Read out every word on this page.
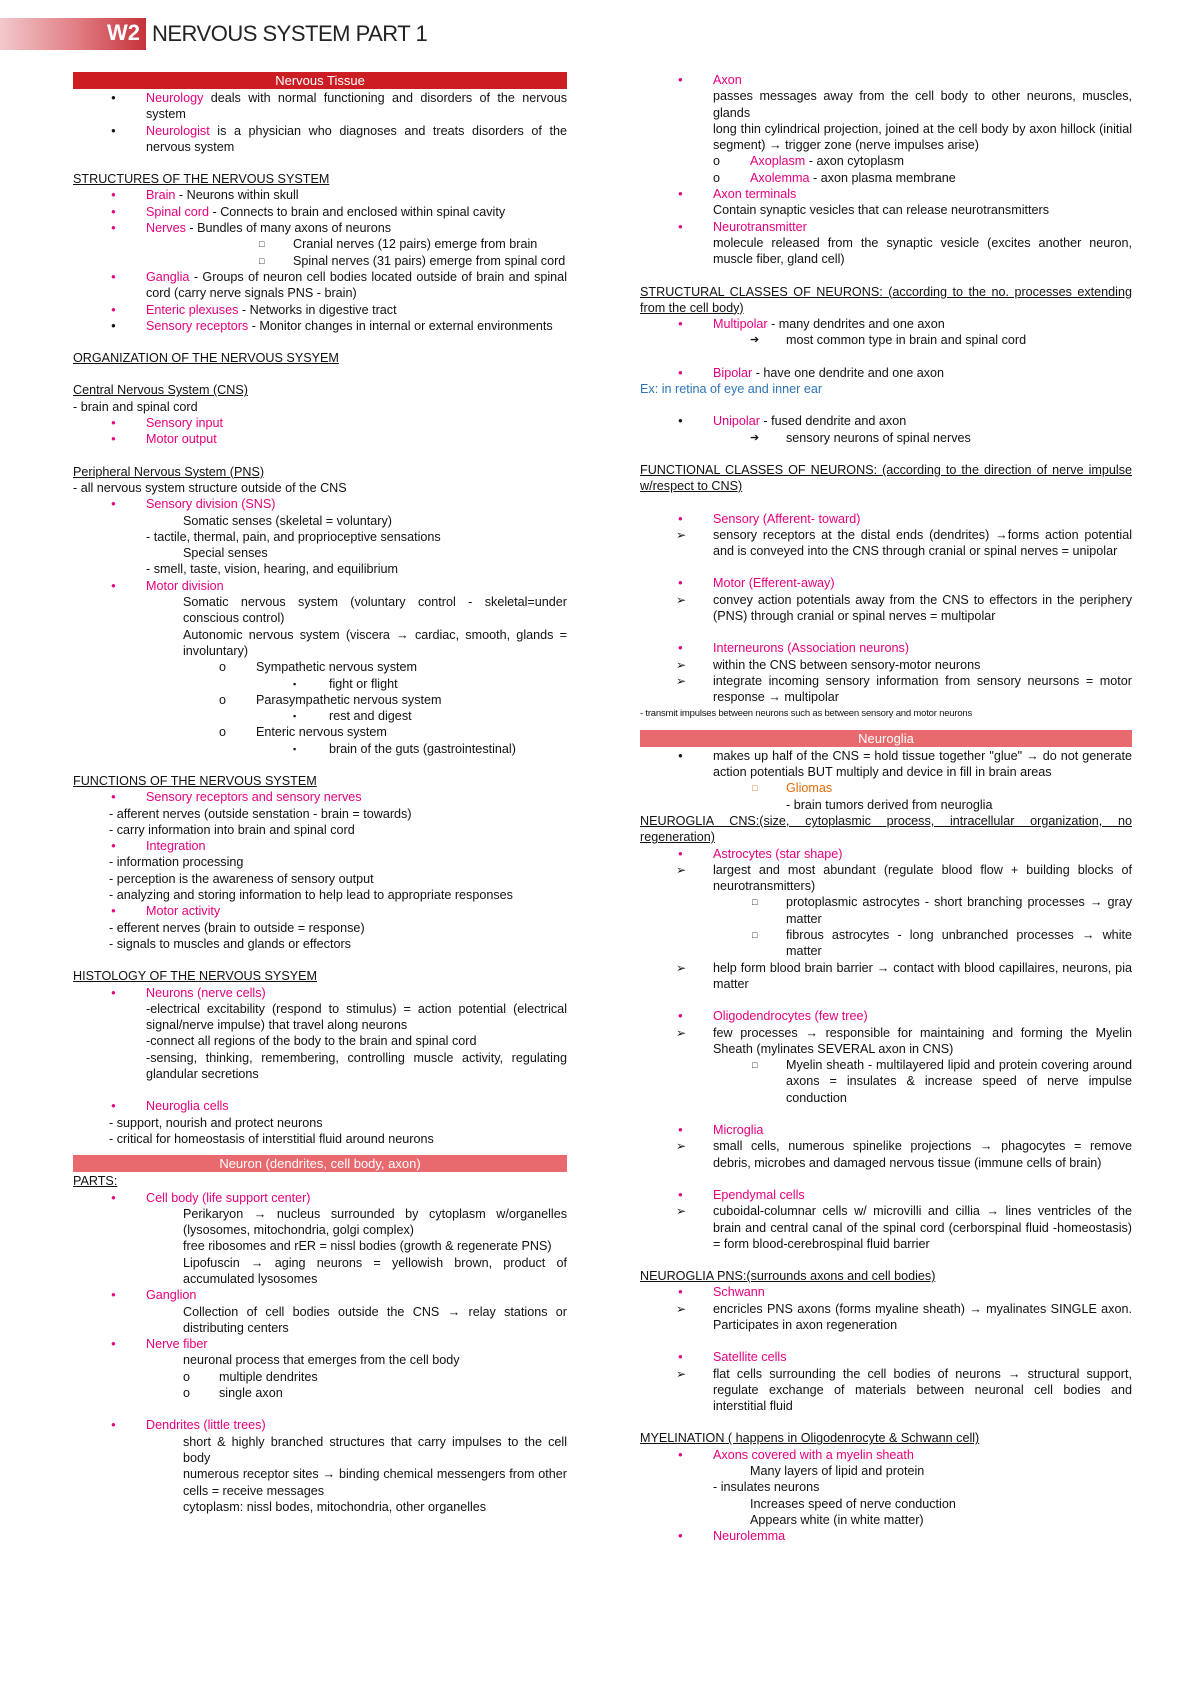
W2 NERVOUS SYSTEM PART 1
Nervous Tissue
● Neurology deals with normal functioning and disorders of the nervous system
● Neurologist is a physician who diagnoses and treats disorders of the nervous system
STRUCTURES OF THE NERVOUS SYSTEM
● Brain - Neurons within skull
● Spinal cord - Connects to brain and enclosed within spinal cavity
● Nerves - Bundles of many axons of neurons
□ Cranial nerves (12 pairs) emerge from brain
□ Spinal nerves (31 pairs) emerge from spinal cord
● Ganglia - Groups of neuron cell bodies located outside of brain and spinal cord (carry nerve signals PNS - brain)
● Enteric plexuses - Networks in digestive tract
● Sensory receptors - Monitor changes in internal or external environments
ORGANIZATION OF THE NERVOUS SYSYEM
Central Nervous System (CNS)
- brain and spinal cord
● Sensory input
● Motor output
Peripheral Nervous System (PNS)
- all nervous system structure outside of the CNS
● Sensory division (SNS)
Somatic senses (skeletal = voluntary)
- tactile, thermal, pain, and proprioceptive sensations
Special senses
- smell, taste, vision, hearing, and equilibrium
● Motor division
Somatic nervous system (voluntary control - skeletal=under conscious control)
Autonomic nervous system (viscera → cardiac, smooth, glands = involuntary)
o Sympathetic nervous system
▪ fight or flight
o Parasympathetic nervous system
▪ rest and digest
o Enteric nervous system
▪ brain of the guts (gastrointestinal)
FUNCTIONS OF THE NERVOUS SYSTEM
● Sensory receptors and sensory nerves
- afferent nerves (outside senstation - brain = towards)
- carry information into brain and spinal cord
● Integration
- information processing
- perception is the awareness of sensory output
- analyzing and storing information to help lead to appropriate responses
● Motor activity
- efferent nerves (brain to outside = response)
- signals to muscles and glands or effectors
HISTOLOGY OF THE NERVOUS SYSYEM
● Neurons (nerve cells)
-electrical excitability (respond to stimulus) = action potential (electrical signal/nerve impulse) that travel along neurons
-connect all regions of the body to the brain and spinal cord
-sensing, thinking, remembering, controlling muscle activity, regulating glandular secretions
● Neuroglia cells
- support, nourish and protect neurons
- critical for homeostasis of interstitial fluid around neurons
Neuron (dendrites, cell body, axon)
PARTS:
● Cell body (life support center)
Perikaryon → nucleus surrounded by cytoplasm w/organelles (lysosomes, mitochondria, golgi complex)
free ribosomes and rER = nissl bodies (growth & regenerate PNS)
Lipofuscin → aging neurons = yellowish brown, product of accumulated lysosomes
● Ganglion
Collection of cell bodies outside the CNS → relay stations or distributing centers
● Nerve fiber
neuronal process that emerges from the cell body
o multiple dendrites
o single axon
● Dendrites (little trees)
short & highly branched structures that carry impulses to the cell body
numerous receptor sites → binding chemical messengers from other cells = receive messages
cytoplasm: nissl bodes, mitochondria, other organelles
● Axon
passes messages away from the cell body to other neurons, muscles, glands
long thin cylindrical projection, joined at the cell body by axon hillock (initial segment) → trigger zone (nerve impulses arise)
o Axoplasm - axon cytoplasm
o Axolemma - axon plasma membrane
● Axon terminals
Contain synaptic vesicles that can release neurotransmitters
● Neurotransmitter
molecule released from the synaptic vesicle (excites another neuron, muscle fiber, gland cell)
STRUCTURAL CLASSES OF NEURONS: (according to the no. processes extending from the cell body)
● Multipolar - many dendrites and one axon
➔ most common type in brain and spinal cord
● Bipolar - have one dendrite and one axon
Ex: in retina of eye and inner ear
● Unipolar - fused dendrite and axon
➔ sensory neurons of spinal nerves
FUNCTIONAL CLASSES OF NEURONS: (according to the direction of nerve impulse w/respect to CNS)
● Sensory (Afferent- toward)
➢ sensory receptors at the distal ends (dendrites) →forms action potential and is conveyed into the CNS through cranial or spinal nerves = unipolar
● Motor (Efferent-away)
➢ convey action potentials away from the CNS to effectors in the periphery (PNS) through cranial or spinal nerves = multipolar
● Interneurons (Association neurons)
➢ within the CNS between sensory-motor neurons
➢ integrate incoming sensory information from sensory neursons = motor response → multipolar
- transmit impulses between neurons such as between sensory and motor neurons
Neuroglia
● makes up half of the CNS = hold tissue together "glue" → do not generate action potentials BUT multiply and device in fill in brain areas
□ Gliomas
- brain tumors derived from neuroglia
NEUROGLIA CNS:(size, cytoplasmic process, intracellular organization, no regeneration)
● Astrocytes (star shape)
➢ largest and most abundant (regulate blood flow + building blocks of neurotransmitters)
□ protoplasmic astrocytes - short branching processes → gray matter
□ fibrous astrocytes - long unbranched processes → white matter
➢ help form blood brain barrier → contact with blood capillaires, neurons, pia matter
● Oligodendrocytes (few tree)
➢ few processes → responsible for maintaining and forming the Myelin Sheath (mylinates SEVERAL axon in CNS)
□ Myelin sheath - multilayered lipid and protein covering around axons = insulates & increase speed of nerve impulse conduction
● Microglia
➢ small cells, numerous spinelike projections → phagocytes = remove debris, microbes and damaged nervous tissue (immune cells of brain)
● Ependymal cells
➢ cuboidal-columnar cells w/ microvilli and cillia → lines ventricles of the brain and central canal of the spinal cord (cerborspinal fluid -homeostasis) = form blood-cerebrospinal fluid barrier
NEUROGLIA PNS:(surrounds axons and cell bodies)
● Schwann
➢ encricles PNS axons (forms myaline sheath) → myalinates SINGLE axon. Participates in axon regeneration
● Satellite cells
➢ flat cells surrounding the cell bodies of neurons → structural support, regulate exchange of materials between neuronal cell bodies and interstitial fluid
MYELINATION ( happens in Oligodenrocyte & Schwann cell)
● Axons covered with a myelin sheath
Many layers of lipid and protein
- insulates neurons
Increases speed of nerve conduction
Appears white (in white matter)
● Neurolemma
